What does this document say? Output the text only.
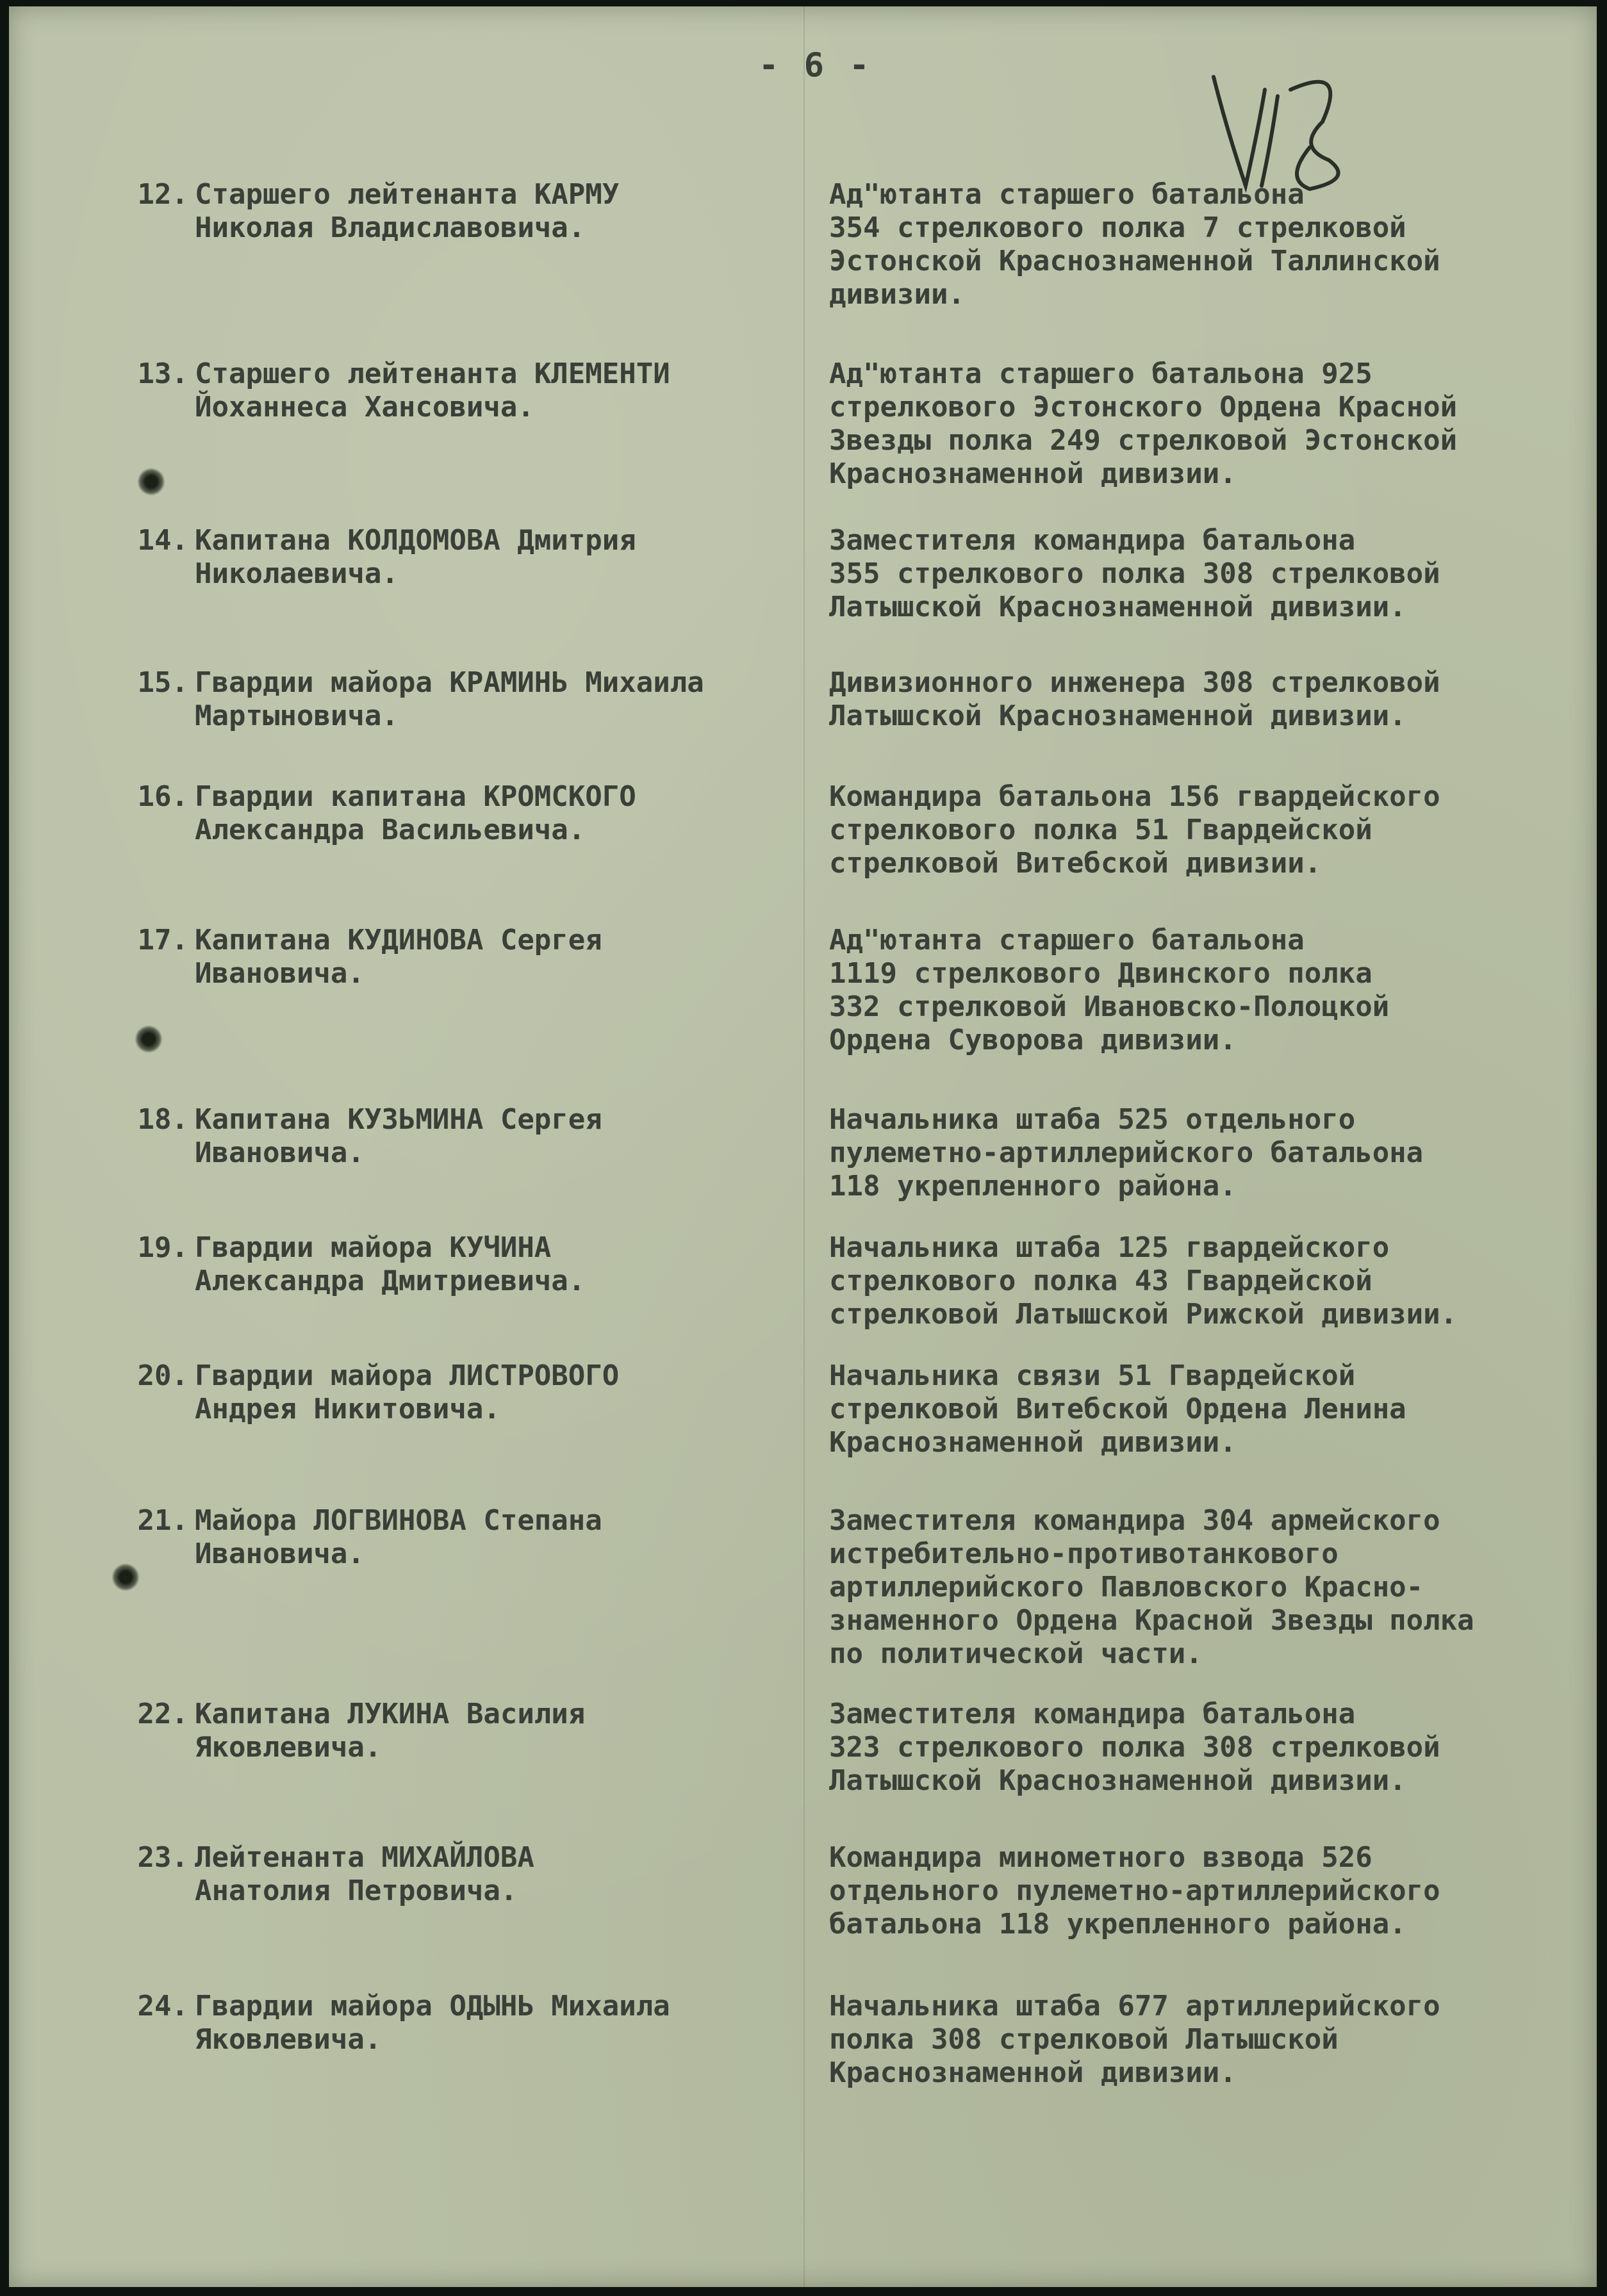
- 6 -
12. Старшего лейтенанта КАРМУ
Николая Владиславовича.
Ад"ютанта старшего батальона
354 стрелкового полка 7 стрелковой
Эстонской Краснознаменной Таллинской
дивизии.
13. Старшего лейтенанта КЛЕМЕНТИ
Йоханнеса Хансовича.
Ад"ютанта старшего батальона 925
стрелкового Эстонского Ордена Красной
Звезды полка 249 стрелковой Эстонской
Краснознаменной дивизии.
14. Капитана КОЛДОМОВА Дмитрия
Николаевича.
Заместителя командира батальона
355 стрелкового полка 308 стрелковой
Латышской Краснознаменной дивизии.
15. Гвардии майора КРАМИНЬ Михаила
Мартыновича.
Дивизионного инженера 308 стрелковой
Латышской Краснознаменной дивизии.
16. Гвардии капитана КРОМСКОГО
Александра Васильевича.
Командира батальона 156 гвардейского
стрелкового полка 51 Гвардейской
стрелковой Витебской дивизии.
17. Капитана КУДИНОВА Сергея
Ивановича.
Ад"ютанта старшего батальона
1119 стрелкового Двинского полка
332 стрелковой Ивановско-Полоцкой
Ордена Суворова дивизии.
18. Капитана КУЗЬМИНА Сергея
Ивановича.
Начальника штаба 525 отдельного
пулеметно-артиллерийского батальона
118 укрепленного района.
19. Гвардии майора КУЧИНА
Александра Дмитриевича.
Начальника штаба 125 гвардейского
стрелкового полка 43 Гвардейской
стрелковой Латышской Рижской дивизии.
20. Гвардии майора ЛИСТРОВОГО
Андрея Никитовича.
Начальника связи 51 Гвардейской
стрелковой Витебской Ордена Ленина
Краснознаменной дивизии.
21. Майора ЛОГВИНОВА Степана
Ивановича.
Заместителя командира 304 армейского
истребительно-противотанкового
артиллерийского Павловского Красно-
знаменного Ордена Красной Звезды полка
по политической части.
22. Капитана ЛУКИНА Василия
Яковлевича.
Заместителя командира батальона
323 стрелкового полка 308 стрелковой
Латышской Краснознаменной дивизии.
23. Лейтенанта МИХАЙЛОВА
Анатолия Петровича.
Командира минометного взвода 526
отдельного пулеметно-артиллерийского
батальона 118 укрепленного района.
24. Гвардии майора ОДЫНЬ Михаила
Яковлевича.
Начальника штаба 677 артиллерийского
полка 308 стрелковой Латышской
Краснознаменной дивизии.
